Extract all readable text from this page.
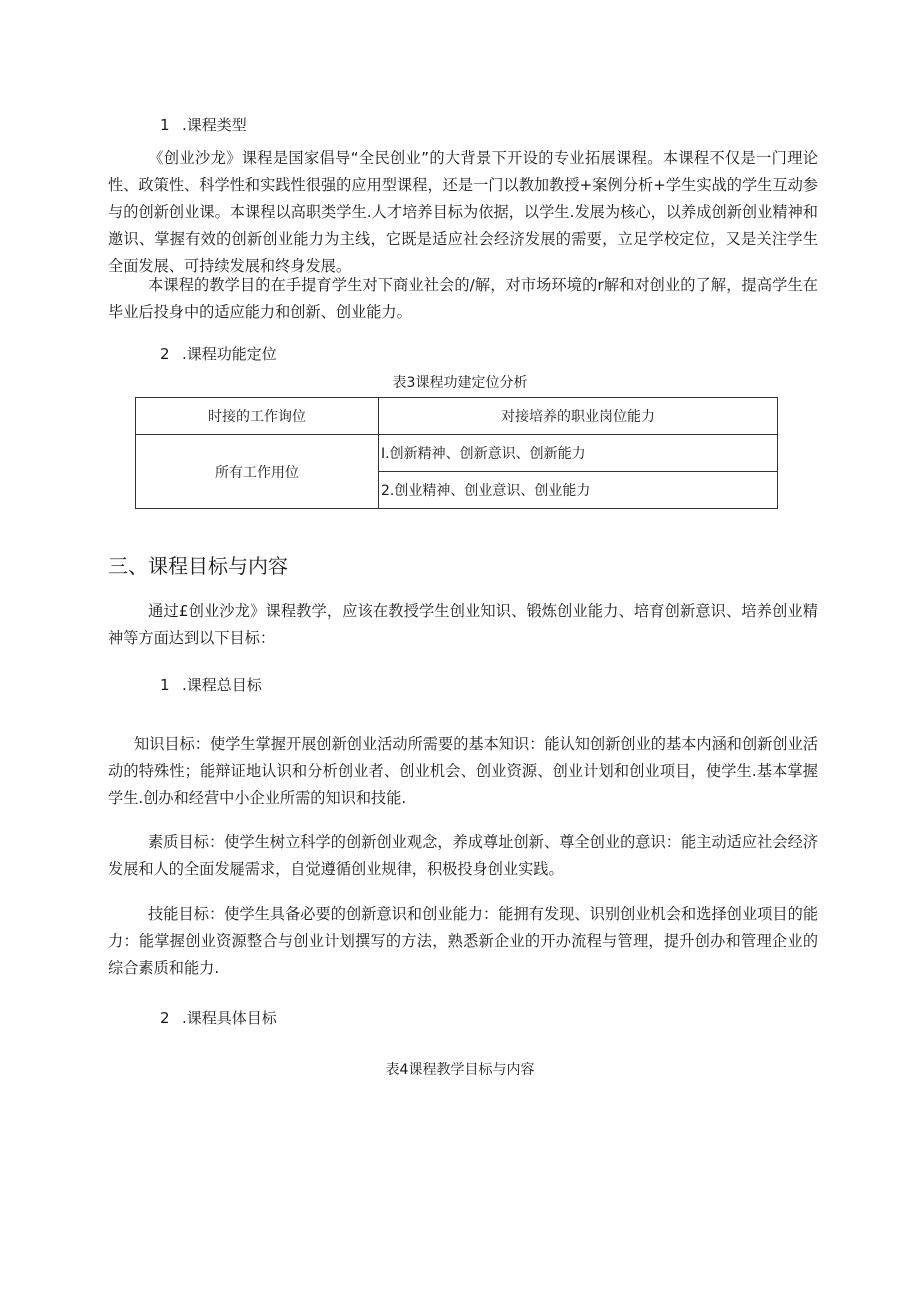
1 .课程类型
《创业沙龙》课程是国家倡导“全民创业”的大背景下开设的专业拓展课程。本课程不仅是一门理论性、政策性、科学性和实践性很强的应用型课程，还是一门以教加教授+案例分析+学生实战的学生互动参与的创新创业课。本课程以高职类学生.人才培养目标为依据，以学生.发展为核心，以养成创新创业精神和邀识、掌握有效的创新创业能力为主线，它既是适应社会经济发展的需要，立足学校定位，又是关注学生全面发展、可持续发展和终身发展。
本课程的教学目的在手提育学生对下商业社会的/解，对市场环境的r解和对创业的了解，提高学生在毕业后投身中的适应能力和创新、创业能力。
2 .课程功能定位
表3课程功建定位分析
时接的工作询位	对接培养的职业岗位能力
所有工作用位	I.创新精神、创新意识、创新能力
	2.创业精神、创业意识、创业能力
三、课程目标与内容
通过£创业沙龙》课程教学，应该在教授学生创业知识、锻炼创业能力、培育创新意识、培养创业精神等方面达到以下目标：
1 .课程总目标
知识目标：使学生掌握开展创新创业活动所需要的基本知识：能认知创新创业的基本内涵和创新创业活动的特殊性；能辩证地认识和分析创业者、创业机会、创业资源、创业计划和创业项目，使学生.基本掌握学生.创办和经营中小企业所需的知识和技能.
素质目标：使学生树立科学的创新创业观念，养成尊址创新、尊全创业的意识：能主动适应社会经济发展和人的全面发屣需求，自觉遵循创业规律，积极投身创业实践。
技能目标：使学生具备必要的创新意识和创业能力：能拥有发现、识别创业机会和选择创业项目的能力：能掌握创业资源整合与创业计划撰写的方法，熟悉新企业的开办流程与管理，提升创办和管理企业的综合素质和能力.
2 .课程具体目标
表4课程教学目标与内容
